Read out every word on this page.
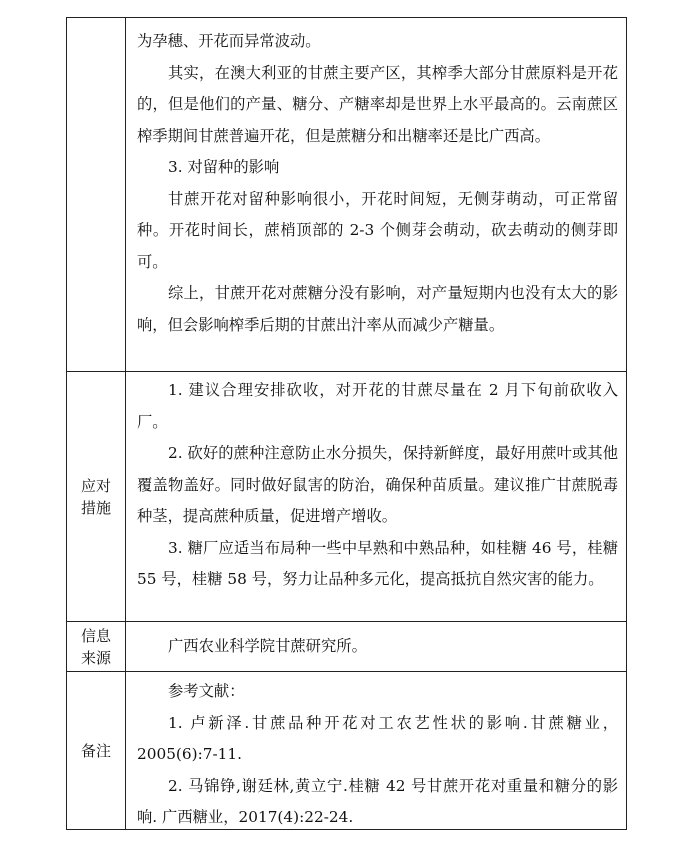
为孕穗、开花而异常波动。

其实，在澳大利亚的甘蔗主要产区，其榨季大部分甘蔗原料是开花的，但是他们的产量、糖分、产糖率却是世界上水平最高的。云南蔗区榨季期间甘蔗普遍开花，但是蔗糖分和出糖率还是比广西高。

3. 对留种的影响

甘蔗开花对留种影响很小，开花时间短，无侧芽萌动，可正常留种。开花时间长，蔗梢顶部的 2-3 个侧芽会萌动，砍去萌动的侧芽即可。

综上，甘蔗开花对蔗糖分没有影响，对产量短期内也没有太大的影响，但会影响榨季后期的甘蔗出汁率从而减少产糖量。

应对措施

1. 建议合理安排砍收，对开花的甘蔗尽量在 2 月下旬前砍收入厂。

2. 砍好的蔗种注意防止水分损失，保持新鲜度，最好用蔗叶或其他覆盖物盖好。同时做好鼠害的防治，确保种苗质量。建议推广甘蔗脱毒种茎，提高蔗种质量，促进增产增收。

3. 糖厂应适当布局种一些中早熟和中熟品种，如桂糖 46 号，桂糖 55 号，桂糖 58 号，努力让品种多元化，提高抵抗自然灾害的能力。

信息来源

广西农业科学院甘蔗研究所。

备注

参考文献：

1. 卢新泽.甘蔗品种开花对工农艺性状的影响.甘蔗糖业，2005(6):7-11.

2. 马锦铮,谢廷林,黄立宁.桂糖 42 号甘蔗开花对重量和糖分的影响. 广西糖业，2017(4):22-24.
